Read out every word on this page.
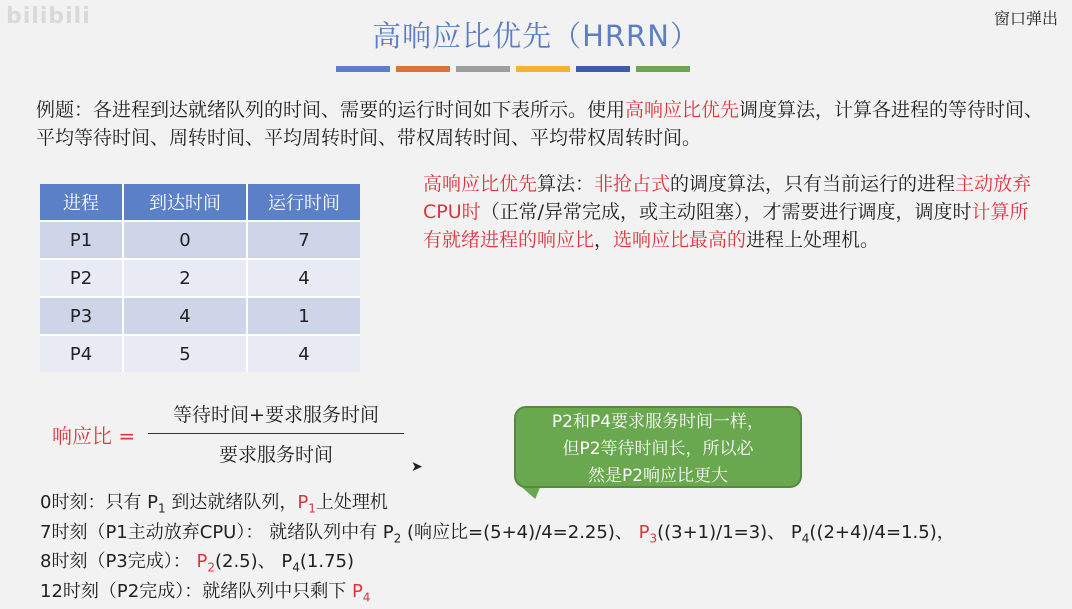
bilibili	窗口弹出
高响应比优先（HRRN）
例题：各进程到达就绪队列的时间、需要的运行时间如下表所示。使用高响应比优先调度算法，计算各进程的等待时间、平均等待时间、周转时间、平均周转时间、带权周转时间、平均带权周转时间。
进程	到达时间	运行时间
P1	0	7
P2	2	4
P3	4	1
P4	5	4
高响应比优先算法：非抢占式的调度算法，只有当前运行的进程主动放弃CPU时（正常/异常完成，或主动阻塞），才需要进行调度，调度时计算所有就绪进程的响应比，选响应比最高的进程上处理机。
响应比 =
等待时间+要求服务时间
要求服务时间
P2和P4要求服务时间一样，
但P2等待时间长，所以必
然是P2响应比更大
➤
0时刻：只有 $P_1$ 到达就绪队列，$P_1$上处理机
7时刻（P1主动放弃CPU）： 就绪队列中有 $P_2$ (响应比=(5+4)/4=2.25)、 $P_3((3+1)/1=3)$、 $P_4((2+4)/4=1.5)$，
8时刻（P3完成）： $P_2(2.5)$、 $P_4(1.75)$
12时刻（P2完成）：就绪队列中只剩下 $P_4$
